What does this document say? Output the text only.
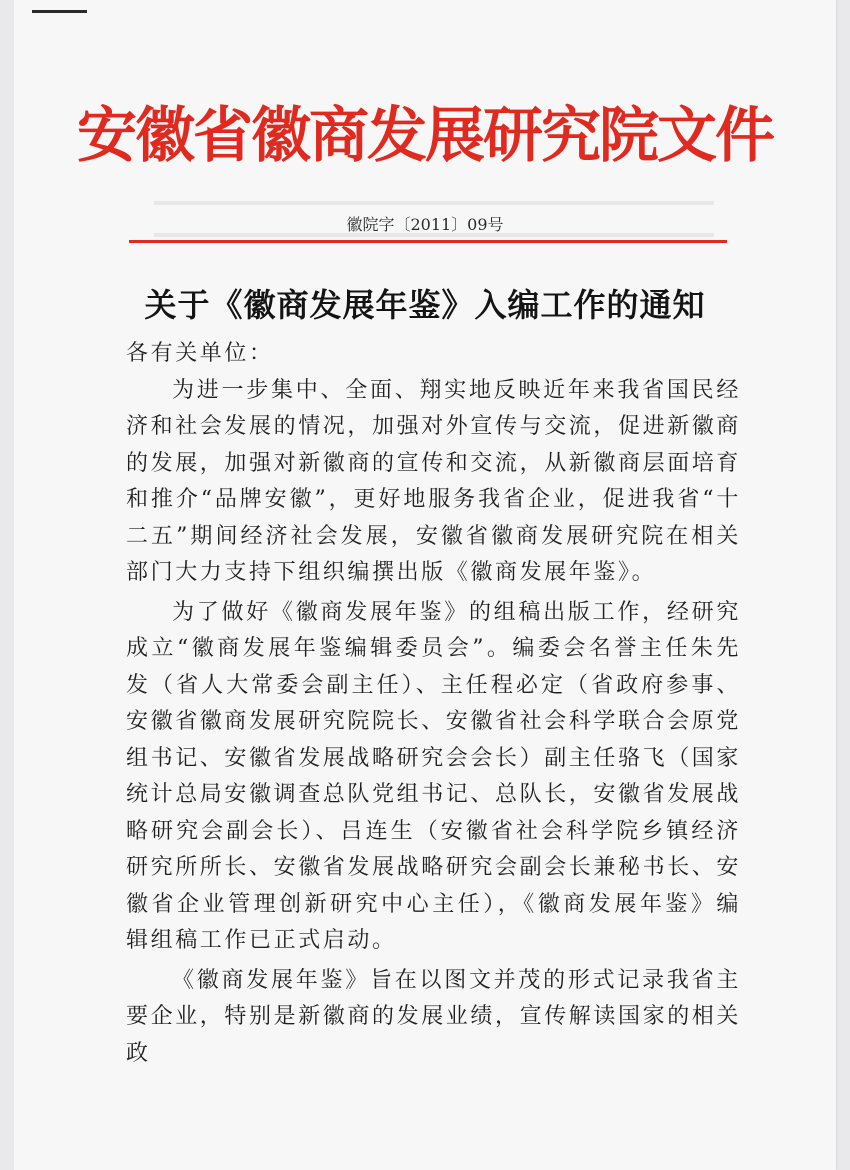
安徽省徽商发展研究院文件
徽院字〔2011〕09号
关于《徽商发展年鉴》入编工作的通知

各有关单位：

为进一步集中、全面、翔实地反映近年来我省国民经济和社会发展的情况，加强对外宣传与交流，促进新徽商的发展，加强对新徽商的宣传和交流，从新徽商层面培育和推介“品牌安徽”，更好地服务我省企业，促进我省“十二五”期间经济社会发展，安徽省徽商发展研究院在相关部门大力支持下组织编撰出版《徽商发展年鉴》。

为了做好《徽商发展年鉴》的组稿出版工作，经研究成立“徽商发展年鉴编辑委员会”。编委会名誉主任朱先发（省人大常委会副主任）、主任程必定（省政府参事、安徽省徽商发展研究院院长、安徽省社会科学联合会原党组书记、安徽省发展战略研究会会长）副主任骆飞（国家统计总局安徽调查总队党组书记、总队长，安徽省发展战略研究会副会长）、吕连生（安徽省社会科学院乡镇经济研究所所长、安徽省发展战略研究会副会长兼秘书长、安徽省企业管理创新研究中心主任），《徽商发展年鉴》编辑组稿工作已正式启动。

《徽商发展年鉴》旨在以图文并茂的形式记录我省主要企业，特别是新徽商的发展业绩，宣传解读国家的相关政
